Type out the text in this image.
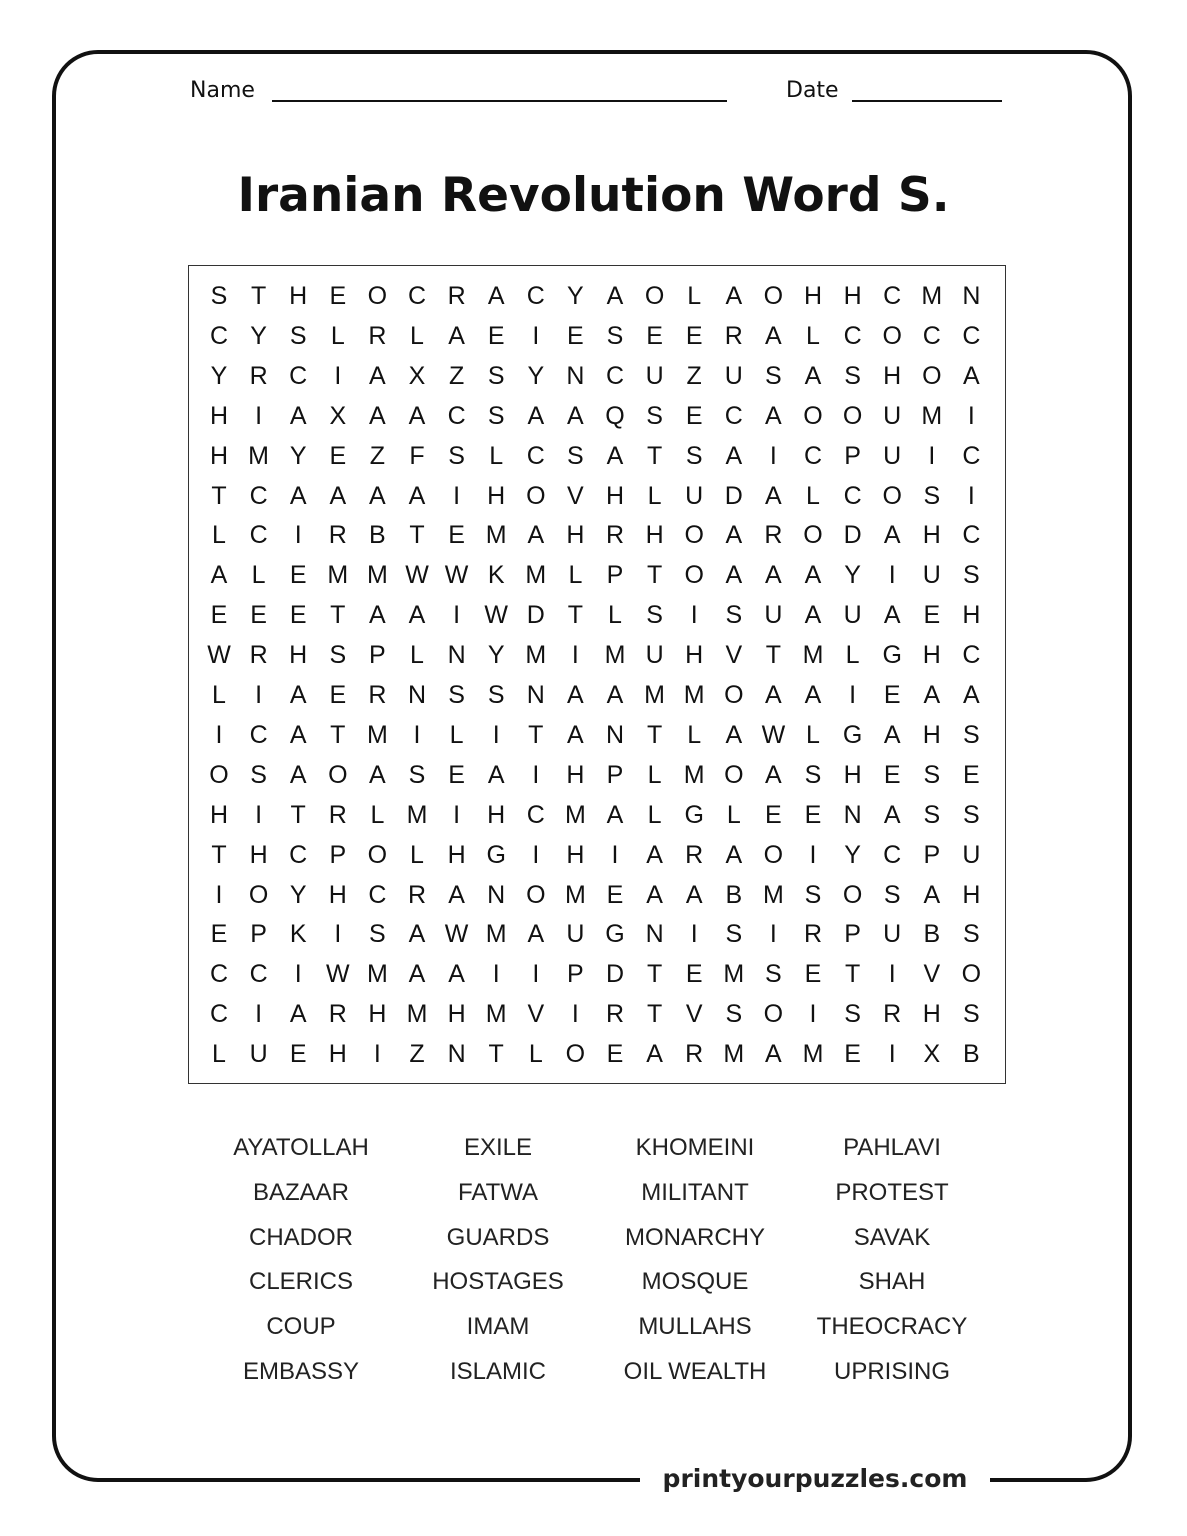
Name	Date
Iranian Revolution Word S.
S T H E O C R A C Y A O L A O H H C M N
C Y S L R L A E	I	E S E E R A L C O C C
Y R C	I	A X Z S Y N C U Z U S A S H O A
H	I	A X A A C S A A Q S E C A O O U M	I
H M Y E Z F S L C S A T S A	I	C P U	I	C
T C A A A A	I	H O V H L U D A L C O S	I
L C	I	R B T E M A H R H O A R O D A H C
A L E M M W W K M L P T O A A A Y	I	U S
E E E T A A	I W D T	L S	I	S U A U A E H
W R H S P L N Y M	I	M U H V T M L G H C
L	I	A E R N S S N A A M M O A A	I	E A A
I	C A T M	I	L	I	T A N T	L A W L G A H S
O S A O A S E A	I	H P L M O A S H E S E
H	I	T R L M	I	H C M A L G L E E N A S S
T H C P O L H G	I	H	I	A R A O	I	Y C P U
I	O Y H C R A N O M E A A B M S O S A H
E P K	I	S A W M A U G N	I	S	I	R P U B S
C C	I W M A A	I	I	P D T E M S E T	I	V O
C	I	A R H M H M V	I	R T V S O	I	S R H S
L U E H	I	Z N T	L O E A R M A M E	I	X B
AYATOLLAH	EXILE	KHOMEINI	PAHLAVI
BAZAAR	FATWA	MILITANT	PROTEST
CHADOR	GUARDS	MONARCHY	SAVAK
CLERICS	HOSTAGES	MOSQUE	SHAH
COUP	IMAM	MULLAHS	THEOCRACY
EMBASSY	ISLAMIC	OIL WEALTH	UPRISING
printyourpuzzles.com
